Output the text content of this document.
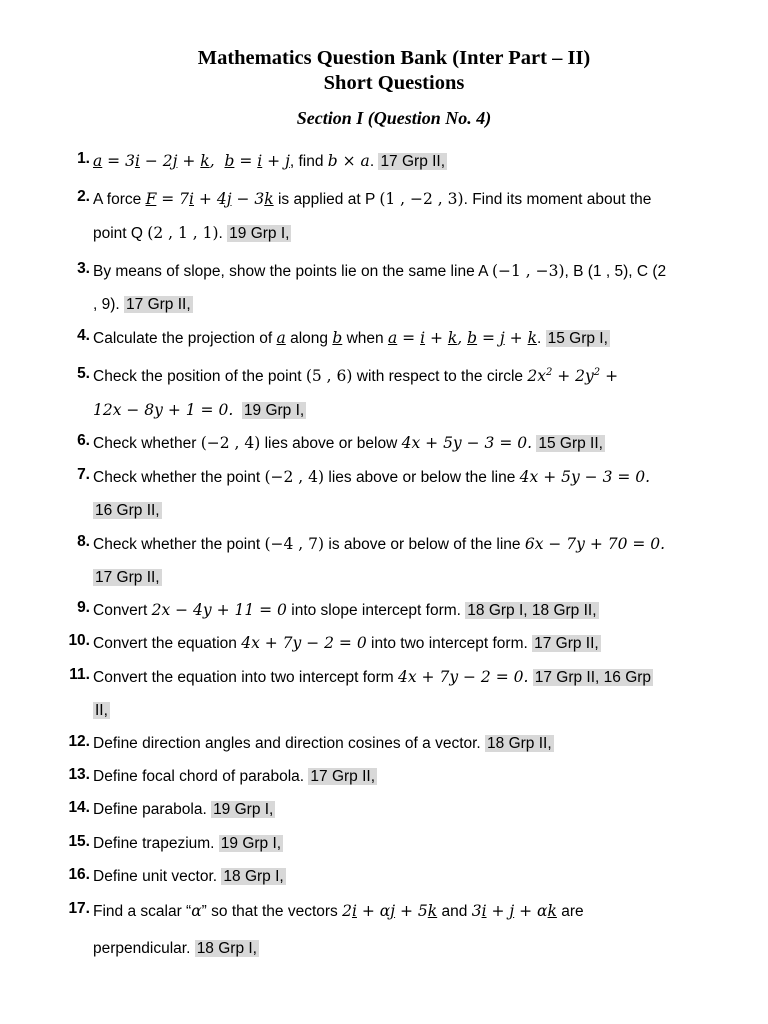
Mathematics Question Bank (Inter Part – II)
Short Questions
Section I (Question No. 4)
1. a = 3i − 2j + k,  b = i + j, find b × a. 17 Grp II,
2. A force F = 7i + 4j − 3k is applied at P (1 , −2 , 3). Find its moment about the
point Q (2 , 1 , 1). 19 Grp I,
3. By means of slope, show the points lie on the same line A (−1 , −3), B (1 , 5), C (2
, 9). 17 Grp II,
4. Calculate the projection of a along b when a = i + k, b = j + k. 15 Grp I,
5. Check the position of the point (5 , 6) with respect to the circle $2x^2 + 2y^2$ +
12x − 8y + 1 = 0. 19 Grp I,
6. Check whether (−2 , 4) lies above or below 4x + 5y − 3 = 0. 15 Grp II,
7. Check whether the point (−2 , 4) lies above or below the line 4x + 5y − 3 = 0.
16 Grp II,
8. Check whether the point (−4 , 7) is above or below of the line 6x − 7y + 70 = 0.
17 Grp II,
9. Convert 2x − 4y + 11 = 0 into slope intercept form. 18 Grp I, 18 Grp II,
10. Convert the equation 4x + 7y − 2 = 0 into two intercept form. 17 Grp II,
11. Convert the equation into two intercept form 4x + 7y − 2 = 0. 17 Grp II, 16 Grp
II,
12. Define direction angles and direction cosines of a vector. 18 Grp II,
13. Define focal chord of parabola. 17 Grp II,
14. Define parabola. 19 Grp I,
15. Define trapezium. 19 Grp I,
16. Define unit vector. 18 Grp I,
17. Find a scalar “α” so that the vectors 2i + αj + 5k and 3i + j + αk are
perpendicular. 18 Grp I,
